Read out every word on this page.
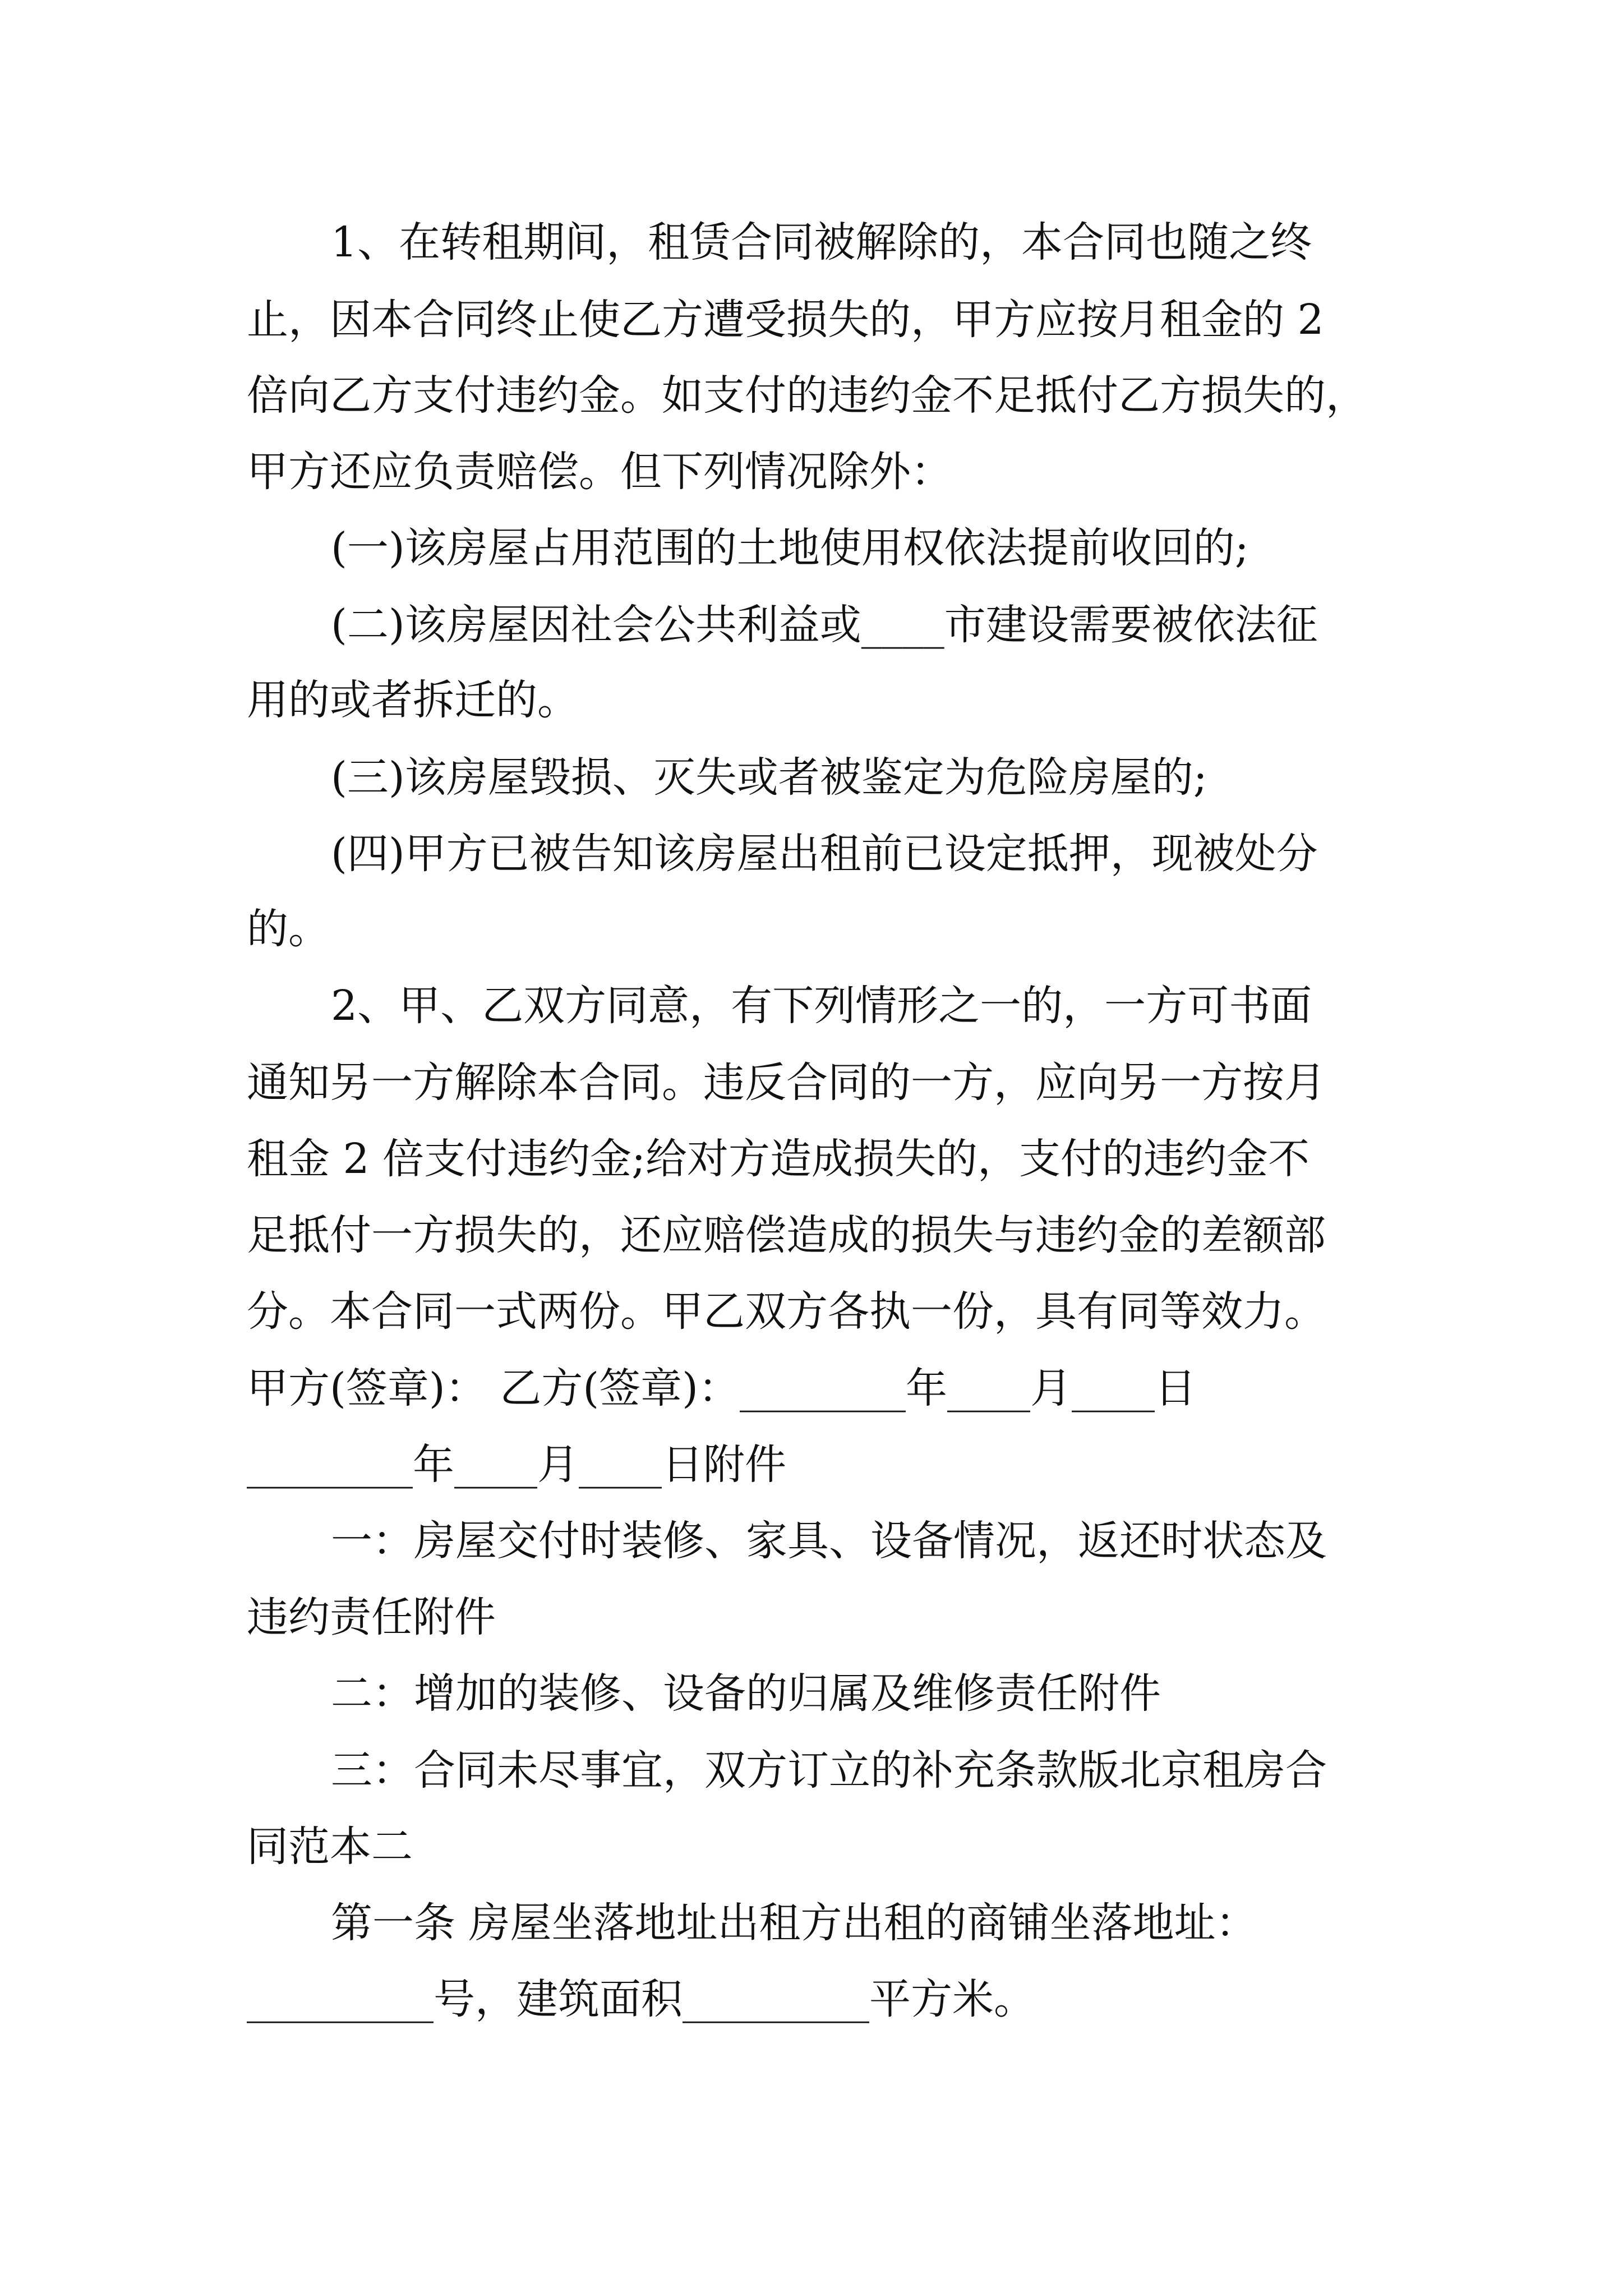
1、在转租期间，租赁合同被解除的，本合同也随之终
止，因本合同终止使乙方遭受损失的，甲方应按月租金的 2
倍向乙方支付违约金。如支付的违约金不足抵付乙方损失的，
甲方还应负责赔偿。但下列情况除外：
(一)该房屋占用范围的土地使用权依法提前收回的;
(二)该房屋因社会公共利益或____市建设需要被依法征
用的或者拆迁的。
(三)该房屋毁损、灭失或者被鉴定为危险房屋的;
(四)甲方已被告知该房屋出租前已设定抵押，现被处分
的。
2、甲、乙双方同意，有下列情形之一的，一方可书面
通知另一方解除本合同。违反合同的一方，应向另一方按月
租金 2 倍支付违约金;给对方造成损失的，支付的违约金不
足抵付一方损失的，还应赔偿造成的损失与违约金的差额部
分。本合同一式两份。甲乙双方各执一份，具有同等效力。
甲方(签章)： 乙方(签章)：________年____月____日
________年____月____日附件
一：房屋交付时装修、家具、设备情况，返还时状态及
违约责任附件
二：增加的装修、设备的归属及维修责任附件
三：合同未尽事宜，双方订立的补充条款版北京租房合
同范本二
第一条 房屋坐落地址出租方出租的商铺坐落地址：
_________号，建筑面积_________平方米。
